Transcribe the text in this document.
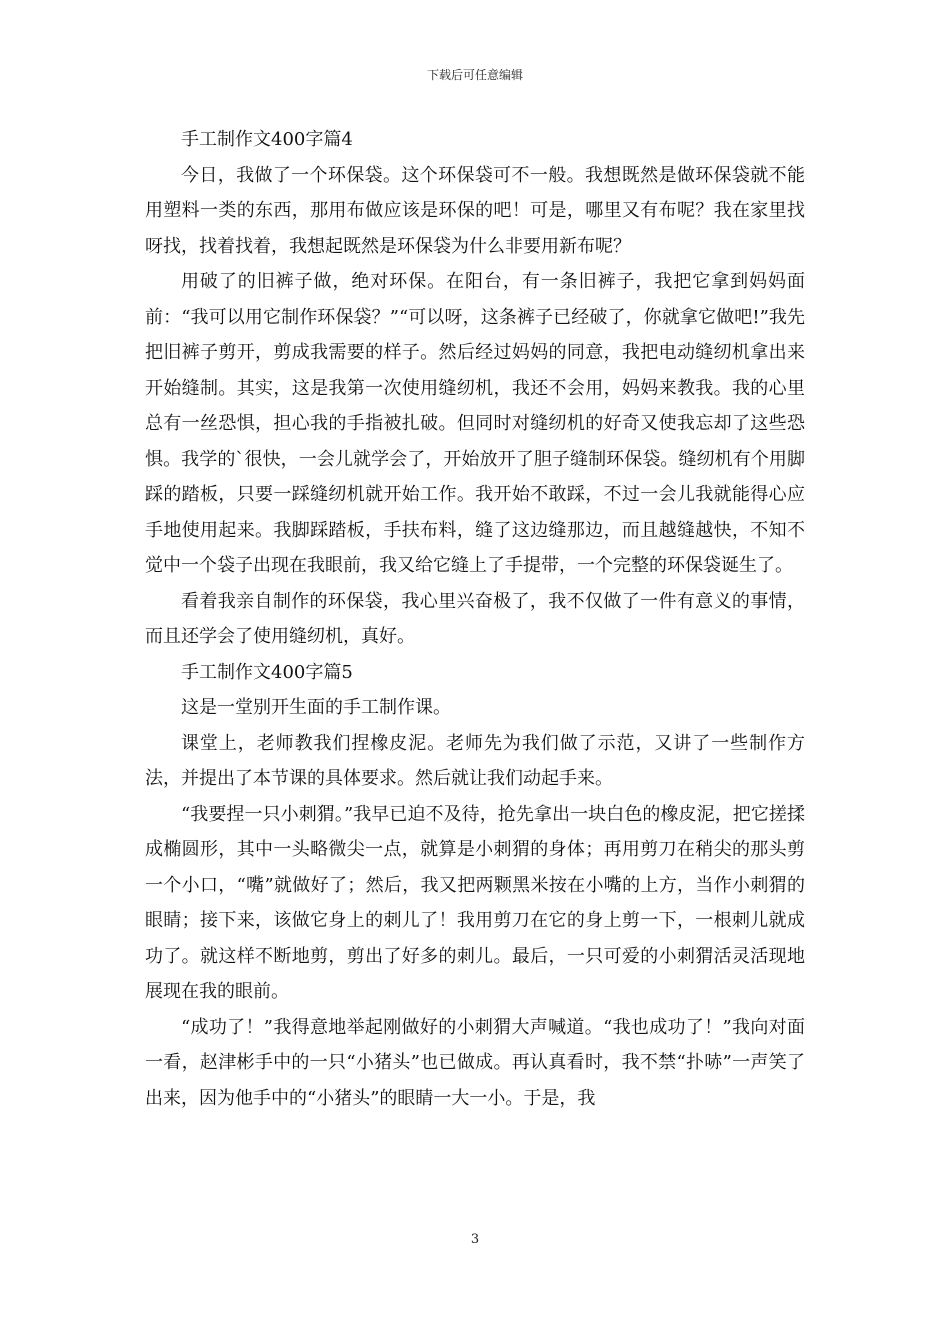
下载后可任意编辑

手工制作文400字篇4

今日，我做了一个环保袋。这个环保袋可不一般。我想既然是做环保袋就不能用塑料一类的东西，那用布做应该是环保的吧！可是，哪里又有布呢？我在家里找呀找，找着找着，我想起既然是环保袋为什么非要用新布呢？

用破了的旧裤子做，绝对环保。在阳台，有一条旧裤子，我把它拿到妈妈面前：“我可以用它制作环保袋？”“可以呀，这条裤子已经破了，你就拿它做吧!”我先把旧裤子剪开，剪成我需要的样子。然后经过妈妈的同意，我把电动缝纫机拿出来开始缝制。其实，这是我第一次使用缝纫机，我还不会用，妈妈来教我。我的心里总有一丝恐惧，担心我的手指被扎破。但同时对缝纫机的好奇又使我忘却了这些恐惧。我学的`很快，一会儿就学会了，开始放开了胆子缝制环保袋。缝纫机有个用脚踩的踏板，只要一踩缝纫机就开始工作。我开始不敢踩，不过一会儿我就能得心应手地使用起来。我脚踩踏板，手扶布料，缝了这边缝那边，而且越缝越快，不知不觉中一个袋子出现在我眼前，我又给它缝上了手提带，一个完整的环保袋诞生了。

看着我亲自制作的环保袋，我心里兴奋极了，我不仅做了一件有意义的事情，而且还学会了使用缝纫机，真好。

手工制作文400字篇5

这是一堂别开生面的手工制作课。

课堂上，老师教我们捏橡皮泥。老师先为我们做了示范，又讲了一些制作方法，并提出了本节课的具体要求。然后就让我们动起手来。

“我要捏一只小刺猬。”我早已迫不及待，抢先拿出一块白色的橡皮泥，把它搓揉成椭圆形，其中一头略微尖一点，就算是小刺猬的身体；再用剪刀在稍尖的那头剪一个小口，“嘴”就做好了；然后，我又把两颗黑米按在小嘴的上方，当作小刺猬的眼睛；接下来，该做它身上的刺儿了！我用剪刀在它的身上剪一下，一根刺儿就成功了。就这样不断地剪，剪出了好多的刺儿。最后，一只可爱的小刺猬活灵活现地展现在我的眼前。

“成功了！”我得意地举起刚做好的小刺猬大声喊道。“我也成功了！”我向对面一看，赵津彬手中的一只“小猪头”也已做成。再认真看时，我不禁“扑哧”一声笑了出来，因为他手中的“小猪头”的眼睛一大一小。于是，我

3
